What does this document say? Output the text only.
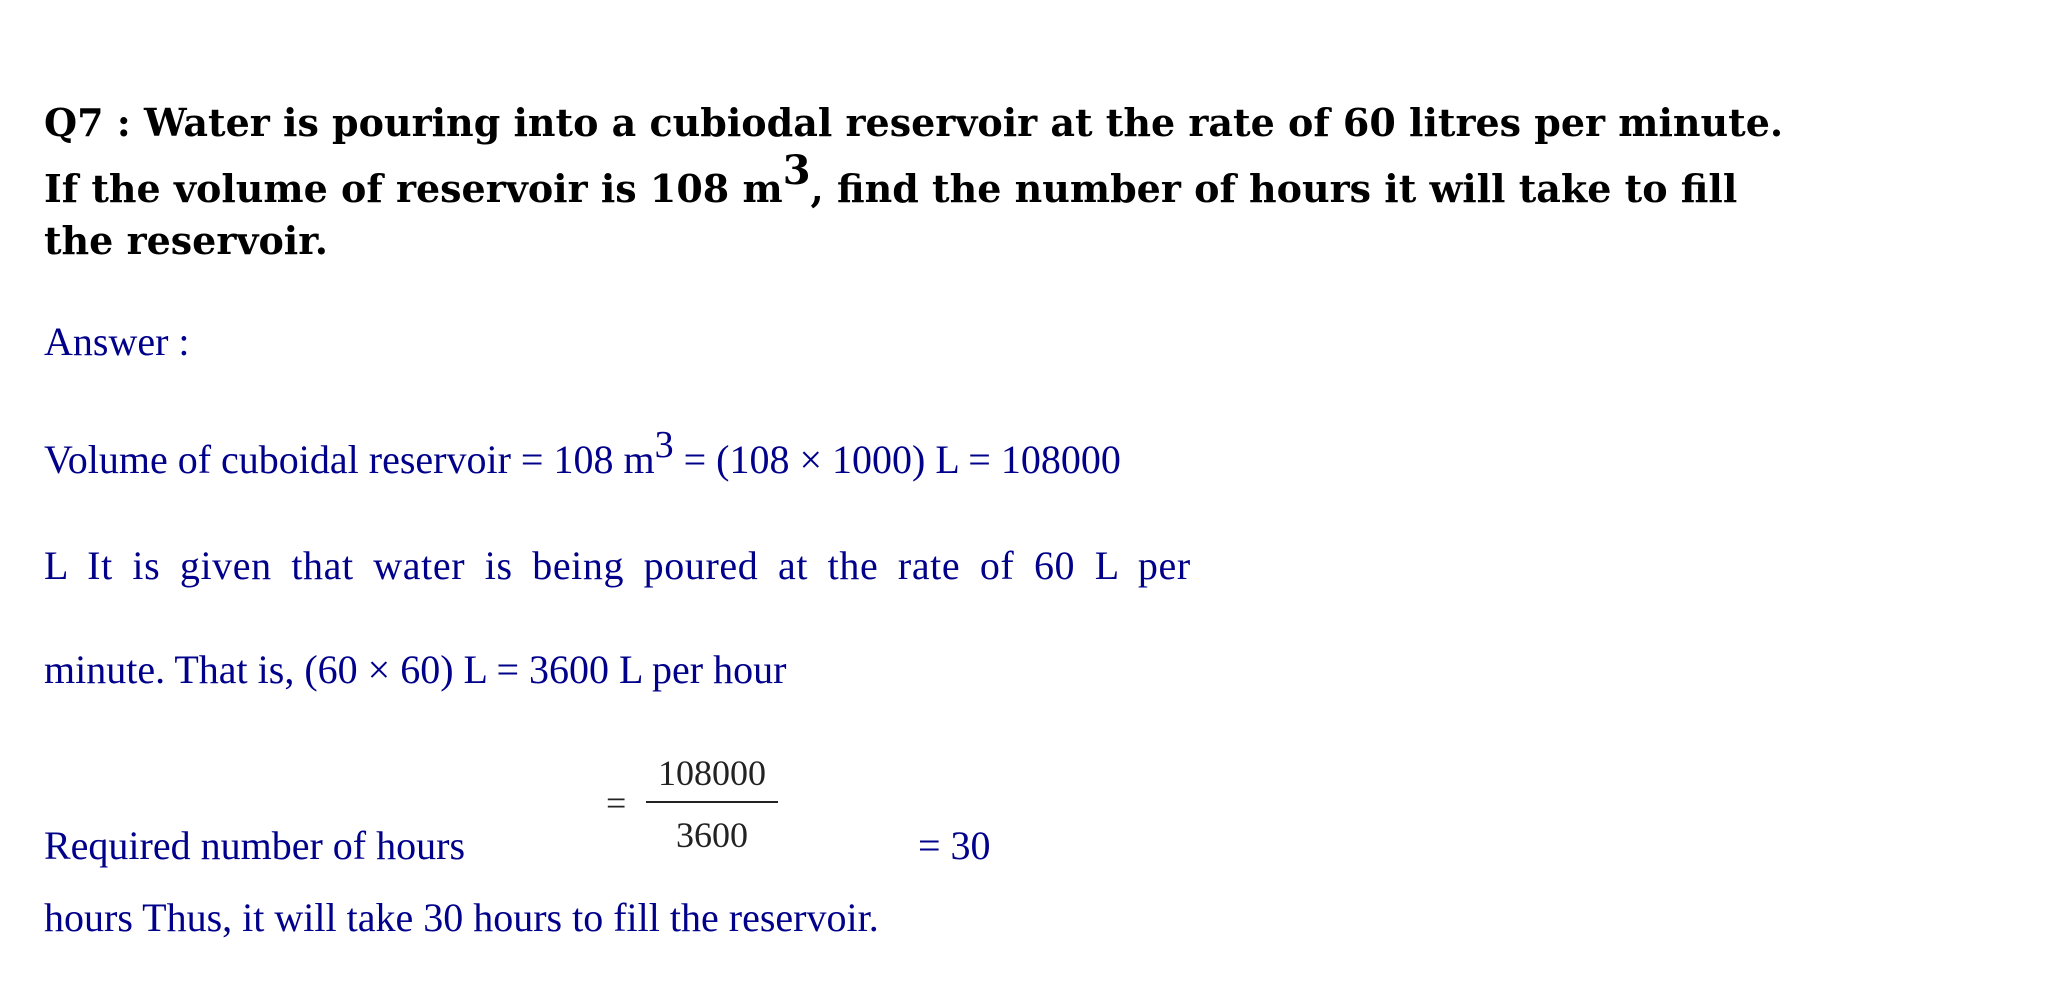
Q7 : Water is pouring into a cubiodal reservoir at the rate of 60 litres per minute.
If the volume of reservoir is 108 $m^3$, find the number of hours it will take to fill
the reservoir.
Answer :
Volume of cuboidal reservoir = 108 $m^3 = (108 \times 1000) L = 108000$
L It is given that water is being poured at the rate of 60 L per
minute. That is, (60 × 60) L = 3600 L per hour
Required number of hours
=
108000
3600	= 30
hours Thus, it will take 30 hours to fill the reservoir.
